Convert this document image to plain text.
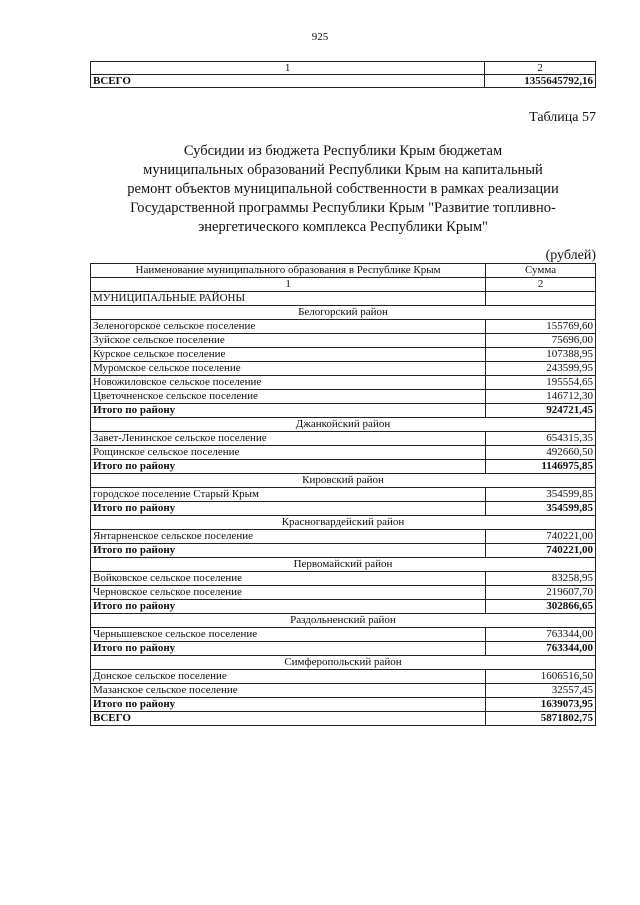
925
1	2
ВСЕГО	1355645792,16
Таблица 57
Субсидии из бюджета Республики Крым бюджетам
муниципальных образований Республики Крым на капитальный
ремонт объектов муниципальной собственности в рамках реализации
Государственной программы Республики Крым "Развитие топливно-
энергетического комплекса Республики Крым"
(рублей)
Наименование муниципального образования в Республике Крым	Сумма
1	2
МУНИЦИПАЛЬНЫЕ РАЙОНЫ	
Белогорский район	
Зеленогорское сельское поселение	155769,60
Зуйское сельское поселение	75696,00
Курское сельское поселение	107388,95
Муромское сельское поселение	243599,95
Новожиловское сельское поселение	195554,65
Цветочненское сельское поселение	146712,30
Итого по району	924721,45
Джанкойский район	
Завет-Ленинское сельское поселение	654315,35
Рощинское сельское поселение	492660,50
Итого по району	1146975,85
Кировский район	
городское поселение Старый Крым	354599,85
Итого по району	354599,85
Красногвардейский район	
Янтарненское сельское поселение	740221,00
Итого по району	740221,00
Первомайский район	
Войковское сельское поселение	83258,95
Чернοвское сельское поселение	219607,70
Итого по району	302866,65
Раздольненский район	
Чернышевское сельское поселение	763344,00
Итого по району	763344,00
Симферопольский район	
Донское сельское поселение	1606516,50
Мазанское сельское поселение	32557,45
Итого по району	1639073,95
ВСЕГО	5871802,75
